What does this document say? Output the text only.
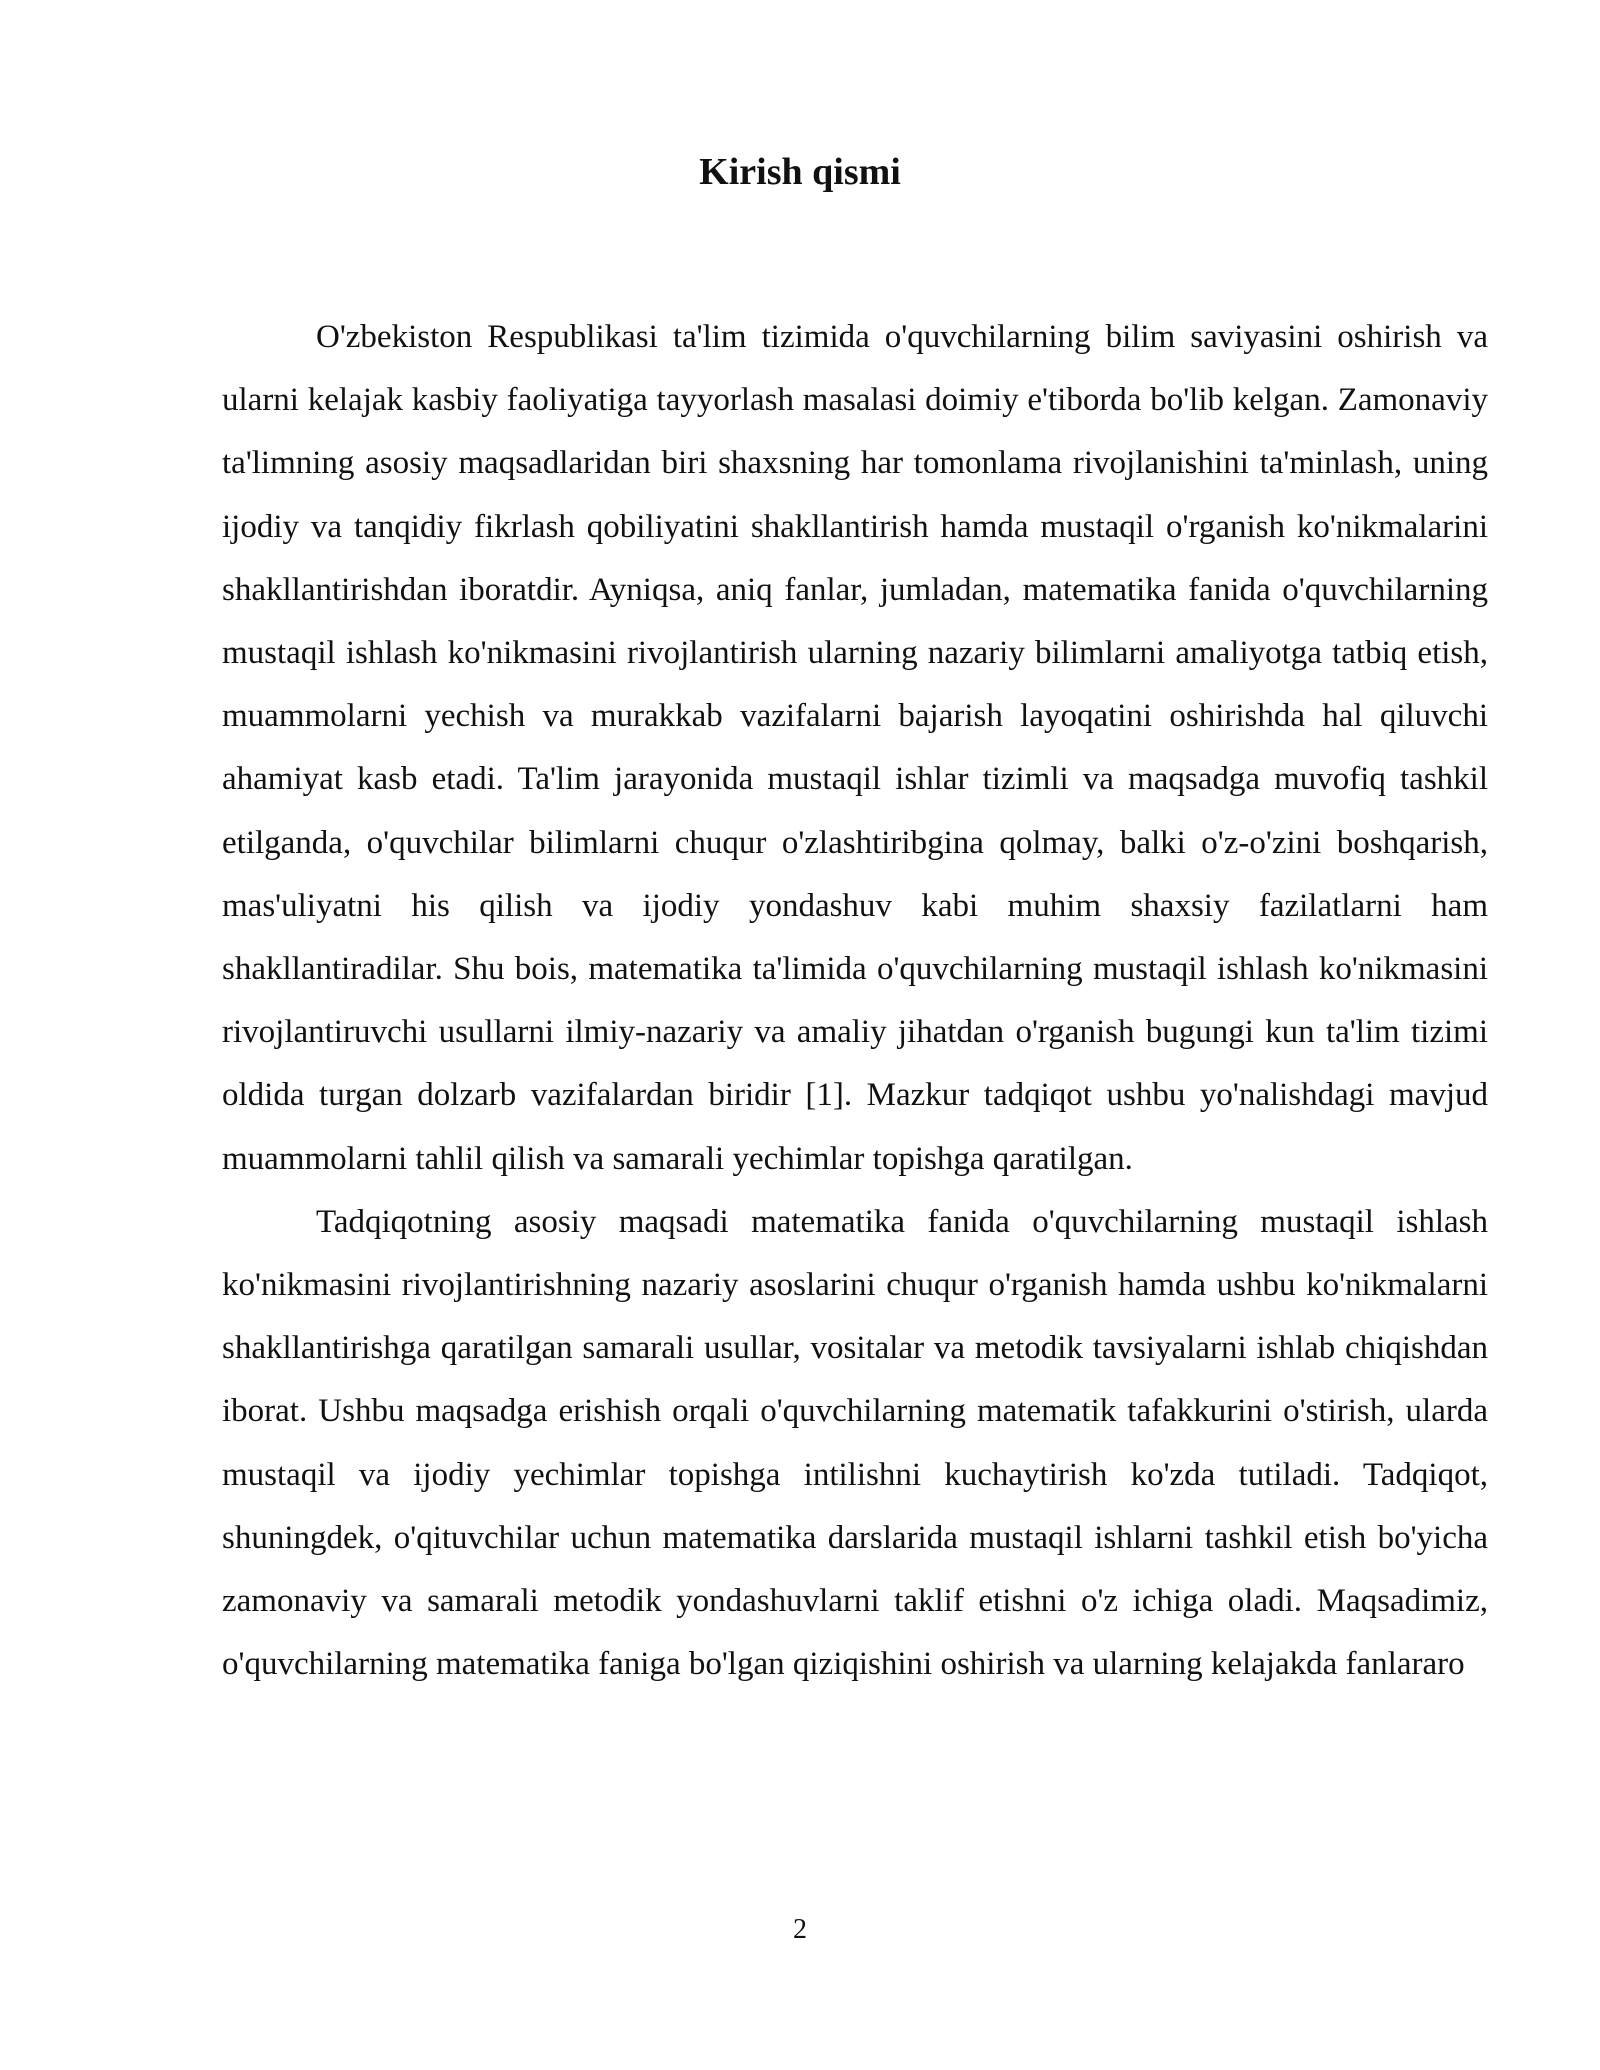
Kirish qismi

O'zbekiston Respublikasi ta'lim tizimida o'quvchilarning bilim saviyasini oshirish va ularni kelajak kasbiy faoliyatiga tayyorlash masalasi doimiy e'tiborda bo'lib kelgan. Zamonaviy ta'limning asosiy maqsadlaridan biri shaxsning har tomonlama rivojlanishini ta'minlash, uning ijodiy va tanqidiy fikrlash qobiliyatini shakllantirish hamda mustaqil o'rganish ko'nikmalarini shakllantirishdan iboratdir. Ayniqsa, aniq fanlar, jumladan, matematika fanida o'quvchilarning mustaqil ishlash ko'nikmasini rivojlantirish ularning nazariy bilimlarni amaliyotga tatbiq etish, muammolarni yechish va murakkab vazifalarni bajarish layoqatini oshirishda hal qiluvchi ahamiyat kasb etadi. Ta'lim jarayonida mustaqil ishlar tizimli va maqsadga muvofiq tashkil etilganda, o'quvchilar bilimlarni chuqur o'zlashtiribgina qolmay, balki o'z-o'zini boshqarish, mas'uliyatni his qilish va ijodiy yondashuv kabi muhim shaxsiy fazilatlarni ham shakllantiradilar. Shu bois, matematika ta'limida o'quvchilarning mustaqil ishlash ko'nikmasini rivojlantiruvchi usullarni ilmiy-nazariy va amaliy jihatdan o'rganish bugungi kun ta'lim tizimi oldida turgan dolzarb vazifalardan biridir [1]. Mazkur tadqiqot ushbu yo'nalishdagi mavjud muammolarni tahlil qilish va samarali yechimlar topishga qaratilgan.

Tadqiqotning asosiy maqsadi matematika fanida o'quvchilarning mustaqil ishlash ko'nikmasini rivojlantirishning nazariy asoslarini chuqur o'rganish hamda ushbu ko'nikmalarni shakllantirishga qaratilgan samarali usullar, vositalar va metodik tavsiyalarni ishlab chiqishdan iborat. Ushbu maqsadga erishish orqali o'quvchilarning matematik tafakkurini o'stirish, ularda mustaqil va ijodiy yechimlar topishga intilishni kuchaytirish ko'zda tutiladi. Tadqiqot, shuningdek, o'qituvchilar uchun matematika darslarida mustaqil ishlarni tashkil etish bo'yicha zamonaviy va samarali metodik yondashuvlarni taklif etishni o'z ichiga oladi. Maqsadimiz, o'quvchilarning matematika faniga bo'lgan qiziqishini oshirish va ularning kelajakda fanlararo

2
